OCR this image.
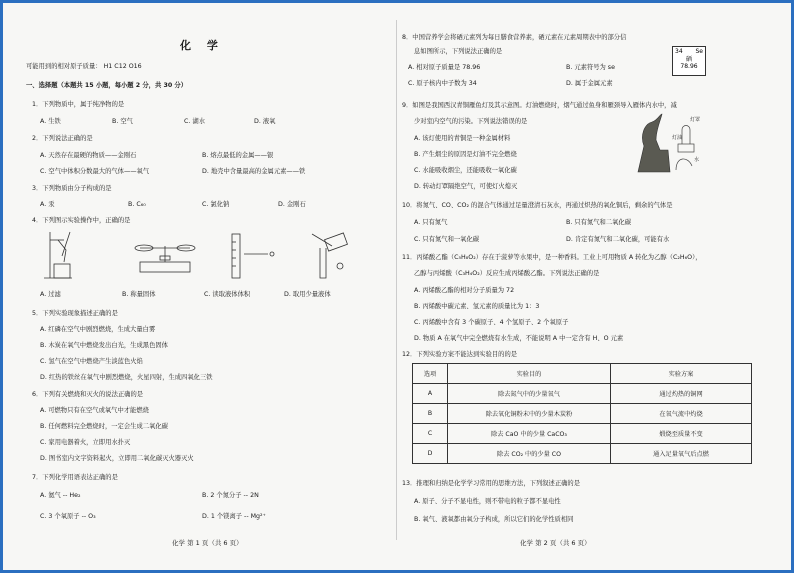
化 学
可能用到的相对原子质量： H1 C12 O16
一、选择题（本题共 15 小题，每小题 2 分，共 30 分）
1．下列物质中，属于纯净物的是
A. 生铁	B. 空气	C. 湖水	D. 液氧
2．下列说法正确的是
A. 天然存在最硬的物质——金刚石	B. 熔点最低的金属——银
C. 空气中体积分数最大的气体——氧气	D. 地壳中含量最高的金属元素——铁
3．下列物质由分子构成的是
A. 汞	B. C₆₀	C. 氯化钠	D. 金刚石
4．下列图示实验操作中，正确的是
A. 过滤	B. 称量固体	C. 读取液体体积	D. 取用少量液体
5．下列实验现象描述正确的是
A. 红磷在空气中剧烈燃烧，生成大量白雾
B. 木炭在氧气中燃烧发出白光，生成黑色固体
C. 氢气在空气中燃烧产生淡蓝色火焰
D. 红热的铁丝在氧气中剧烈燃烧，火星四射，生成四氧化三铁
6．下列有关燃烧和灭火的说法正确的是
A. 可燃物只有在空气或氧气中才能燃烧
B. 任何燃料完全燃烧时，一定会生成二氧化碳
C. 家用电器着火，立即用水扑灭
D. 图书室内文字资料起火，立即用二氧化碳灭火器灭火
7．下列化学用语表达正确的是
A. 氦气 -- He₂	B. 2 个氮分子 -- 2N
C. 3 个氧原子 -- O₃	D. 1 个镁离子 -- Mg²⁺
化学 第 1 页（共 6 页）
8．中国营养学会将硒元素列为每日膳食营养素，硒元素在元素周期表中的部分信
息如图所示，下列说法正确的是
A. 相对原子质量是 78.96	B. 元素符号为 se
C. 原子核内中子数为 34	D. 属于金属元素
34 Se
硒
78.96
9．如图是我国西汉青铜雁鱼灯及其示意图。灯油燃烧时，烟气通过鱼身和雁颈导入雁体内水中，减
少对室内空气的污染。下列说法错误的是
A. 该灯使用的青铜是一种金属材料
B. 产生烟尘的原因是灯油不完全燃烧
C. 水能吸收烟尘，还能吸收一氧化碳
D. 转动灯罩隔绝空气，可使灯火熄灭
灯罩
灯油
水
10．将氮气、CO、CO₂ 的混合气体通过足量澄清石灰水，再通过炽热的氧化铜后，剩余的气体是
A. 只有氮气	B. 只有氮气和二氧化碳
C. 只有氮气和一氧化碳	D. 肯定有氮气和二氧化碳，可能有水
11．丙烯酸乙酯（C₅H₈O₂）存在于菠萝等水果中，是一种香料。工业上可用物质 A 转化为乙醇（C₂H₆O），
乙醇与丙烯酸（C₃H₄O₂）反应生成丙烯酸乙酯。下列说法正确的是
A. 丙烯酸乙酯的相对分子质量为 72
B. 丙烯酸中碳元素、氢元素的质量比为 1：3
C. 丙烯酸中含有 3 个碳原子、4 个氢原子、2 个氧原子
D. 物质 A 在氧气中完全燃烧有水生成，不能说明 A 中一定含有 H、O 元素
12．下列实验方案不能达到实验目的的是
选项	实验目的	实验方案
A	除去氮气中的少量氧气	通过灼热的铜网
B	除去氧化铜粉末中的少量木炭粉	在氧气流中灼烧
C	除去 CaO 中的少量 CaCO₃	煅烧至质量不变
D	除去 CO₂ 中的少量 CO	通入足量氧气后点燃
13．推理和归纳是化学学习常用的思维方法，下列叙述正确的是
A. 原子、分子不显电性，则不带电的粒子都不显电性
B. 氧气、液氧都由氧分子构成，所以它们的化学性质相同
化学 第 2 页（共 6 页）
